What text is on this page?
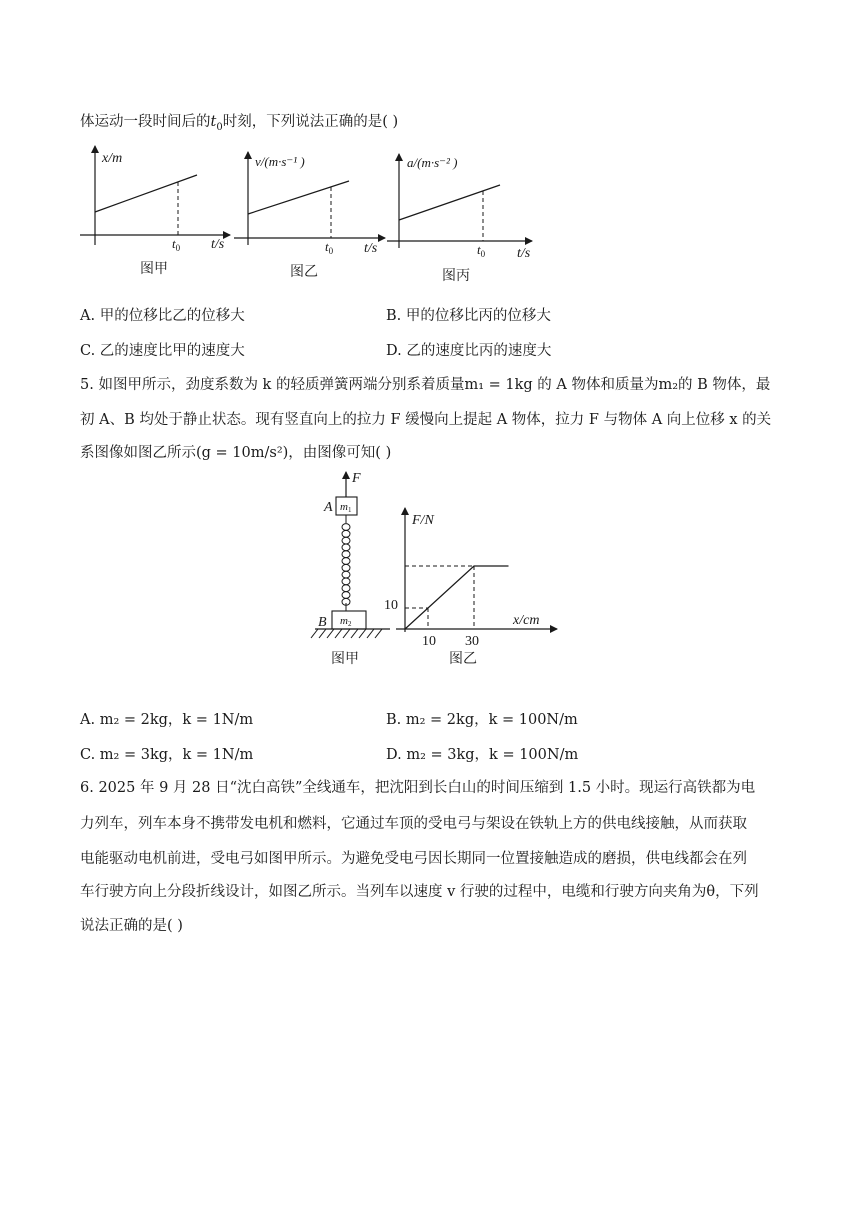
体运动一段时间后的$t_0$时刻，下列说法正确的是( )
x/m
$t_0$ t/s
图甲
v/(m·s⁻¹ )
$t_0$ t/s
图乙
a/(m·s⁻² )
$t_0$ t/s
图丙
F
m1
A
m2
B
图甲
F/N
x/cm
10
10 30
图乙
A. 甲的位移比乙的位移大	B. 甲的位移比丙的位移大
C. 乙的速度比甲的速度大	D. 乙的速度比丙的速度大
5. 如图甲所示，劲度系数为 k 的轻质弹簧两端分别系着质量m₁ = 1kg 的 A 物体和质量为m₂的 B 物体，最
初 A、B 均处于静止状态。现有竖直向上的拉力 F 缓慢向上提起 A 物体，拉力 F 与物体 A 向上位移 x 的关
系图像如图乙所示(g = 10m/s²)，由图像可知( )
A. m₂ = 2kg，k = 1N/m	B. m₂ = 2kg，k = 100N/m
C. m₂ = 3kg，k = 1N/m	D. m₂ = 3kg，k = 100N/m
6. 2025 年 9 月 28 日“沈白高铁”全线通车，把沈阳到长白山的时间压缩到 1.5 小时。现运行高铁都为电
力列车，列车本身不携带发电机和燃料，它通过车顶的受电弓与架设在铁轨上方的供电线接触，从而获取
电能驱动电机前进，受电弓如图甲所示。为避免受电弓因长期同一位置接触造成的磨损，供电线都会在列
车行驶方向上分段折线设计，如图乙所示。当列车以速度 v 行驶的过程中，电缆和行驶方向夹角为θ，下列
说法正确的是( )
